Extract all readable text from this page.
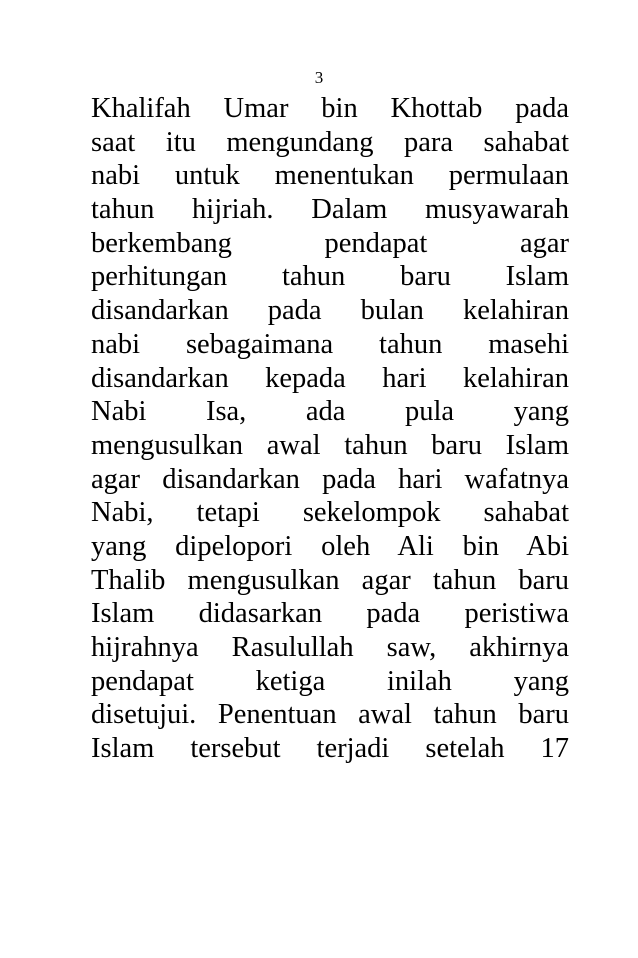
3
Khalifah Umar bin Khottab pada
saat itu mengundang para sahabat
nabi untuk menentukan permulaan
tahun hijriah. Dalam musyawarah
berkembang pendapat agar
perhitungan tahun baru Islam
disandarkan pada bulan kelahiran
nabi sebagaimana tahun masehi
disandarkan kepada hari kelahiran
Nabi Isa, ada pula yang
mengusulkan awal tahun baru Islam
agar disandarkan pada hari wafatnya
Nabi, tetapi sekelompok sahabat
yang dipelopori oleh Ali bin Abi
Thalib mengusulkan agar tahun baru
Islam didasarkan pada peristiwa
hijrahnya Rasulullah saw, akhirnya
pendapat ketiga inilah yang
disetujui. Penentuan awal tahun baru
Islam tersebut terjadi setelah 17
